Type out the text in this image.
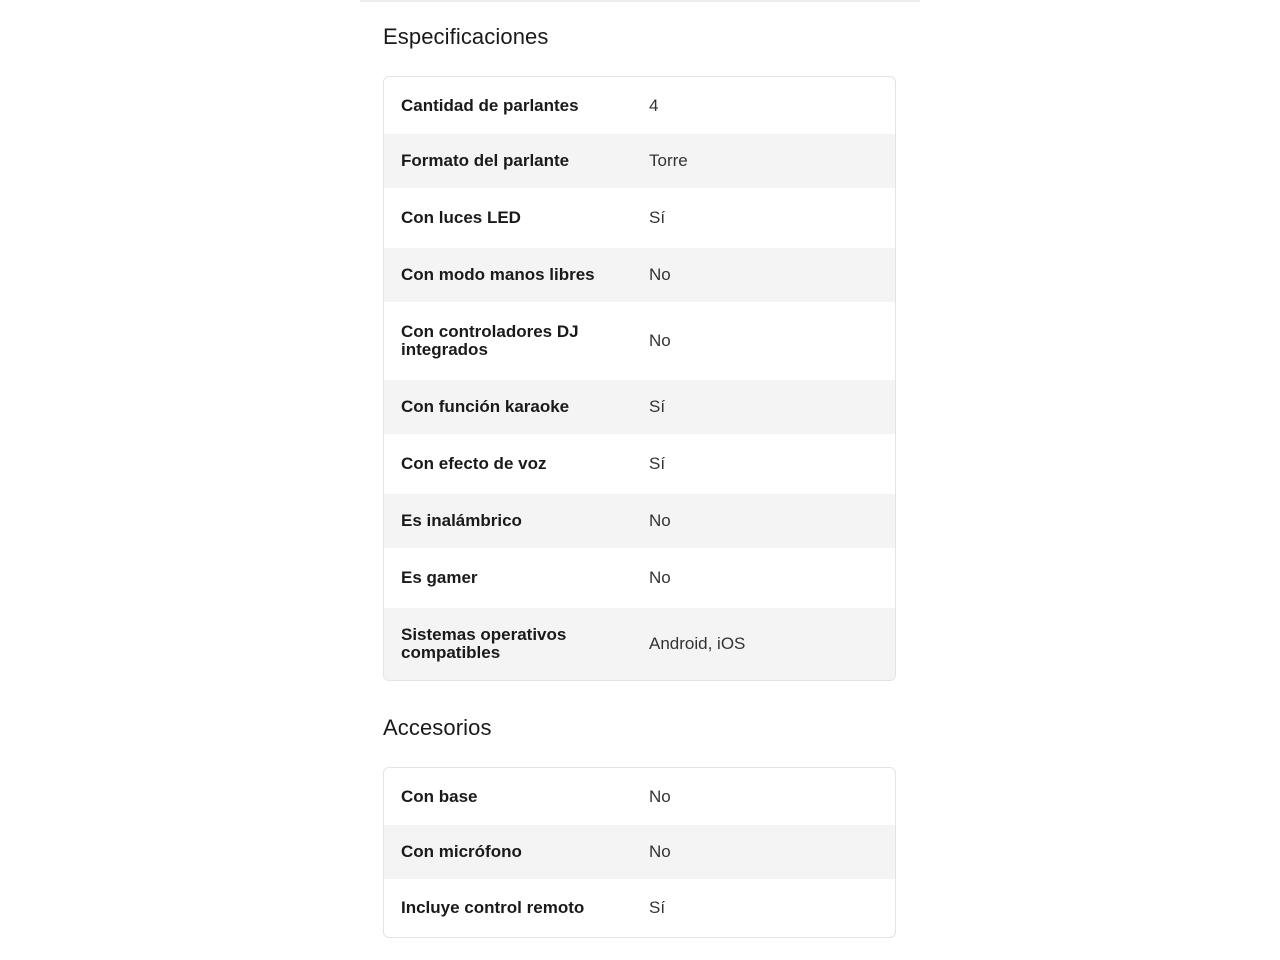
Especificaciones
Cantidad de parlantes	4
Formato del parlante	Torre
Con luces LED	Sí
Con modo manos libres	No
Con controladores DJ integrados	No
Con función karaoke	Sí
Con efecto de voz	Sí
Es inalámbrico	No
Es gamer	No
Sistemas operativos compatibles	Android, iOS
Accesorios
Con base	No
Con micrófono	No
Incluye control remoto	Sí
